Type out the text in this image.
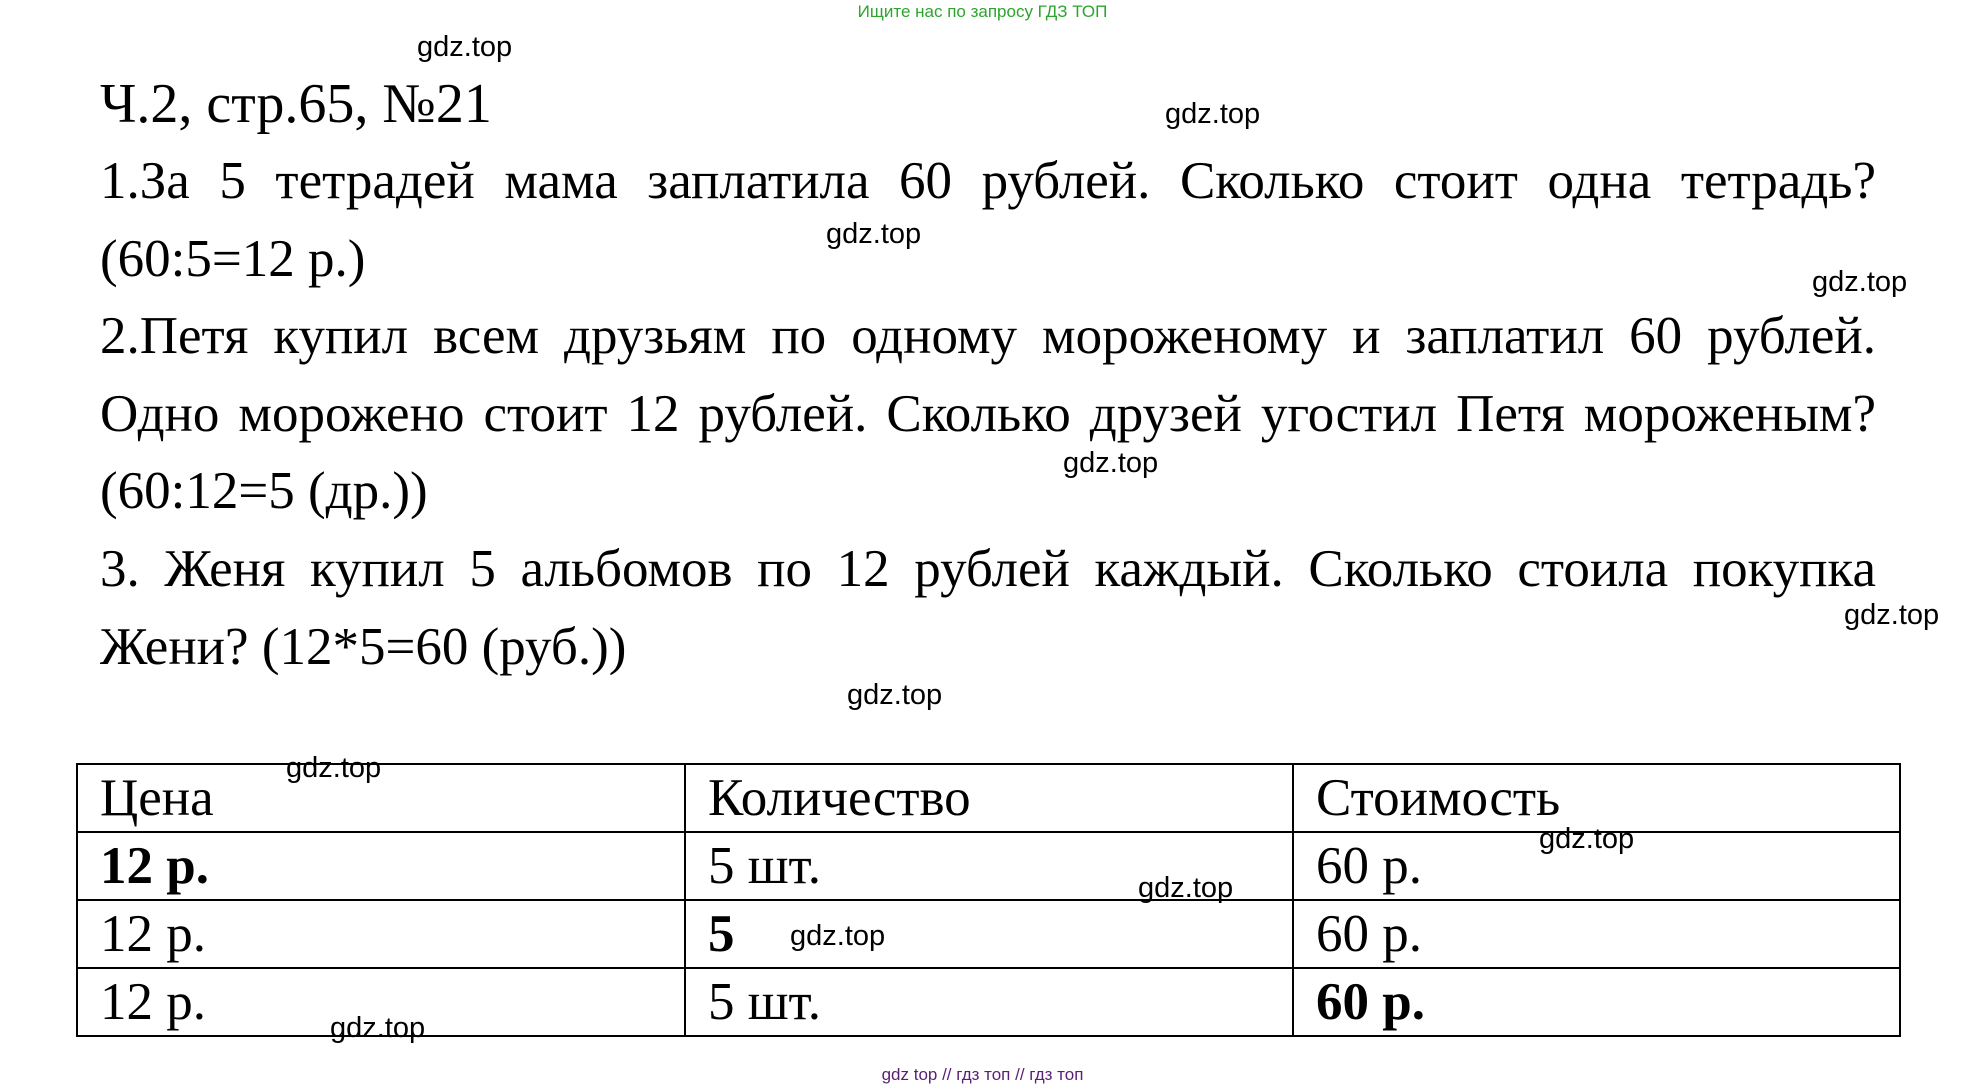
Ищите нас по запросу ГДЗ ТОП
Ч.2, стр.65, №21

1.За 5 тетрадей мама заплатила 60 рублей. Сколько стоит одна тетрадь? (60:5=12 р.)

2.Петя купил всем друзьям по одному мороженому и заплатил 60 рублей. Одно морожено стоит 12 рублей. Сколько друзей угостил Петя мороженым? (60:12=5 (др.))

3. Женя купил 5 альбомов по 12 рублей каждый. Сколько стоила покупка Жени? (12*5=60 (руб.))

Цена	Количество	Стоимость
12 р.	5 шт.	60 р.
12 р.	5	60 р.
12 р.	5 шт.	60 р.
gdz.top
gdz.top
gdz.top
gdz.top
gdz.top
gdz.top
gdz.top
gdz.top
gdz.top
gdz.top
gdz.top
gdz.top
gdz top // гдз топ // гдз топ
